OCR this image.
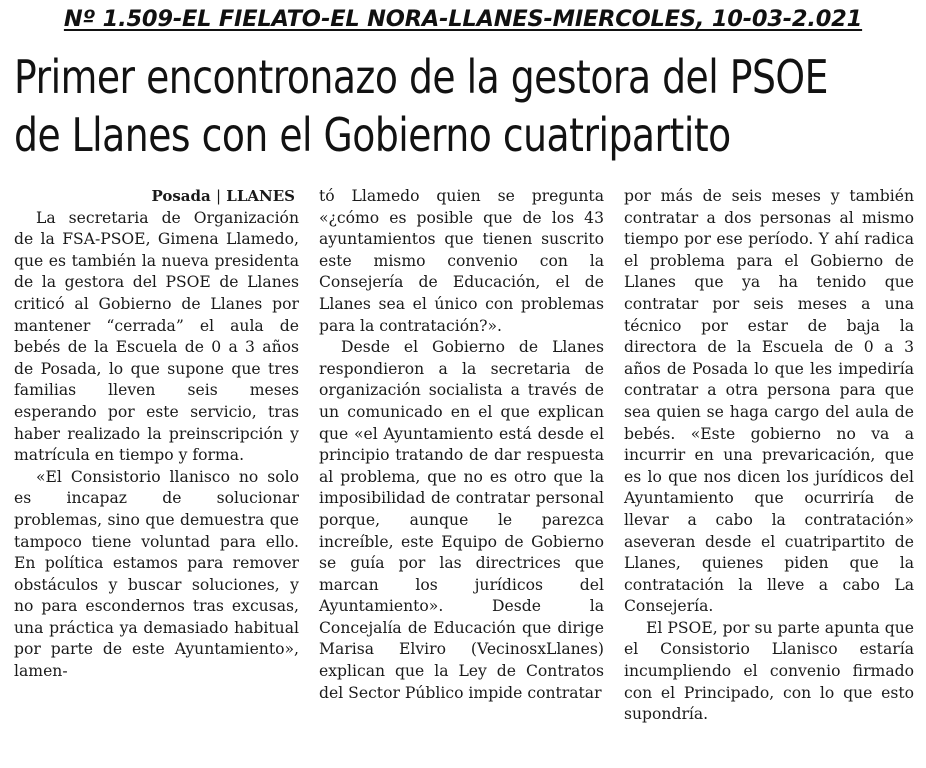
Nº 1.509-EL FIELATO-EL NORA-LLANES-MIERCOLES, 10-03-2.021
Primer encontronazo de la gestora del PSOE
de Llanes con el Gobierno cuatripartito
Posada | LLANES

La secretaria de Organización de la FSA-PSOE, Gimena Llamedo, que es también la nueva presidenta de la gestora del PSOE de Llanes criticó al Gobierno de Llanes por mantener “cerrada” el aula de bebés de la Escuela de 0 a 3 años de Posada, lo que supone que tres familias lleven seis meses esperando por este servicio, tras haber realizado la preinscripción y matrícula en tiempo y forma.

«El Consistorio llanisco no solo es incapaz de solucionar problemas, sino que demuestra que tampoco tiene voluntad para ello. En política estamos para remover obstáculos y buscar soluciones, y no para escondernos tras excusas, una práctica ya demasiado habitual por parte de este Ayuntamiento», lamen-

tó Llamedo quien se pregunta «¿cómo es posible que de los 43 ayuntamientos que tienen suscrito este mismo convenio con la Consejería de Educación, el de Llanes sea el único con problemas para la contratación?».

Desde el Gobierno de Llanes respondieron a la secretaria de organización socialista a través de un comunicado en el que explican que «el Ayuntamiento está desde el principio tratando de dar respuesta al problema, que no es otro que la imposibilidad de contratar personal porque, aunque le parezca increíble, este Equipo de Gobierno se guía por las directrices que marcan los jurídicos del Ayuntamiento». Desde la Concejalía de Educación que dirige Marisa Elviro (VecinosxLlanes) explican que la Ley de Contratos del Sector Público impide contratar

por más de seis meses y también contratar a dos personas al mismo tiempo por ese período. Y ahí radica el problema para el Gobierno de Llanes que ya ha tenido que contratar por seis meses a una técnico por estar de baja la directora de la Escuela de 0 a 3 años de Posada lo que les impediría contratar a otra persona para que sea quien se haga cargo del aula de bebés. «Este gobierno no va a incurrir en una prevaricación, que es lo que nos dicen los jurídicos del Ayuntamiento que ocurriría de llevar a cabo la contratación» aseveran desde el cuatripartito de Llanes, quienes piden que la contratación la lleve a cabo La Consejería.

El PSOE, por su parte apunta que el Consistorio Llanisco estaría incumpliendo el convenio firmado con el Principado, con lo que esto supondría.
